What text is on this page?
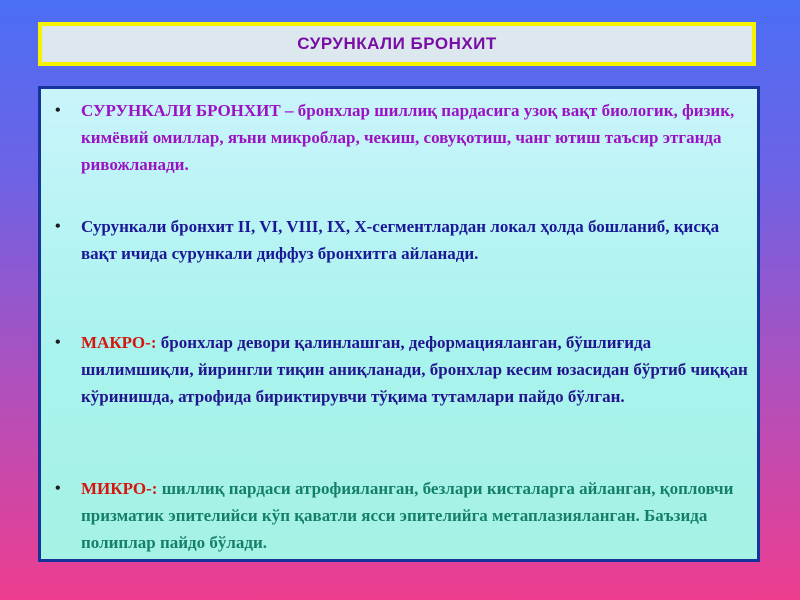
СУРУНКАЛИ БРОНХИТ
•	СУРУНКАЛИ БРОНХИТ – бронхлар шиллиқ пардасига узоқ вақт биологик, физик, кимёвий омиллар, яъни микроблар, чекиш, совуқотиш, чанг ютиш таъсир этганда ривожланади.
•	Сурункали бронхит II, VI, VIII, IX, X-сегментлардан локал ҳолда бошланиб, қисқа вақт ичида сурункали диффуз бронхитга айланади.
•	МАКРО-: бронхлар девори қалинлашган, деформацияланган, бўшлиғида шилимшиқли, йирингли тиқин аниқланади, бронхлар кесим юзасидан бўртиб чиққан кўринишда, атрофида бириктирувчи тўқима тутамлари пайдо бўлган.
•	МИКРО-: шиллиқ пардаси атрофияланган, безлари кисталарга айланган, қопловчи призматик эпителийси кўп қаватли ясси эпителийга метаплазияланган. Баъзида полиплар пайдо бўлади.
